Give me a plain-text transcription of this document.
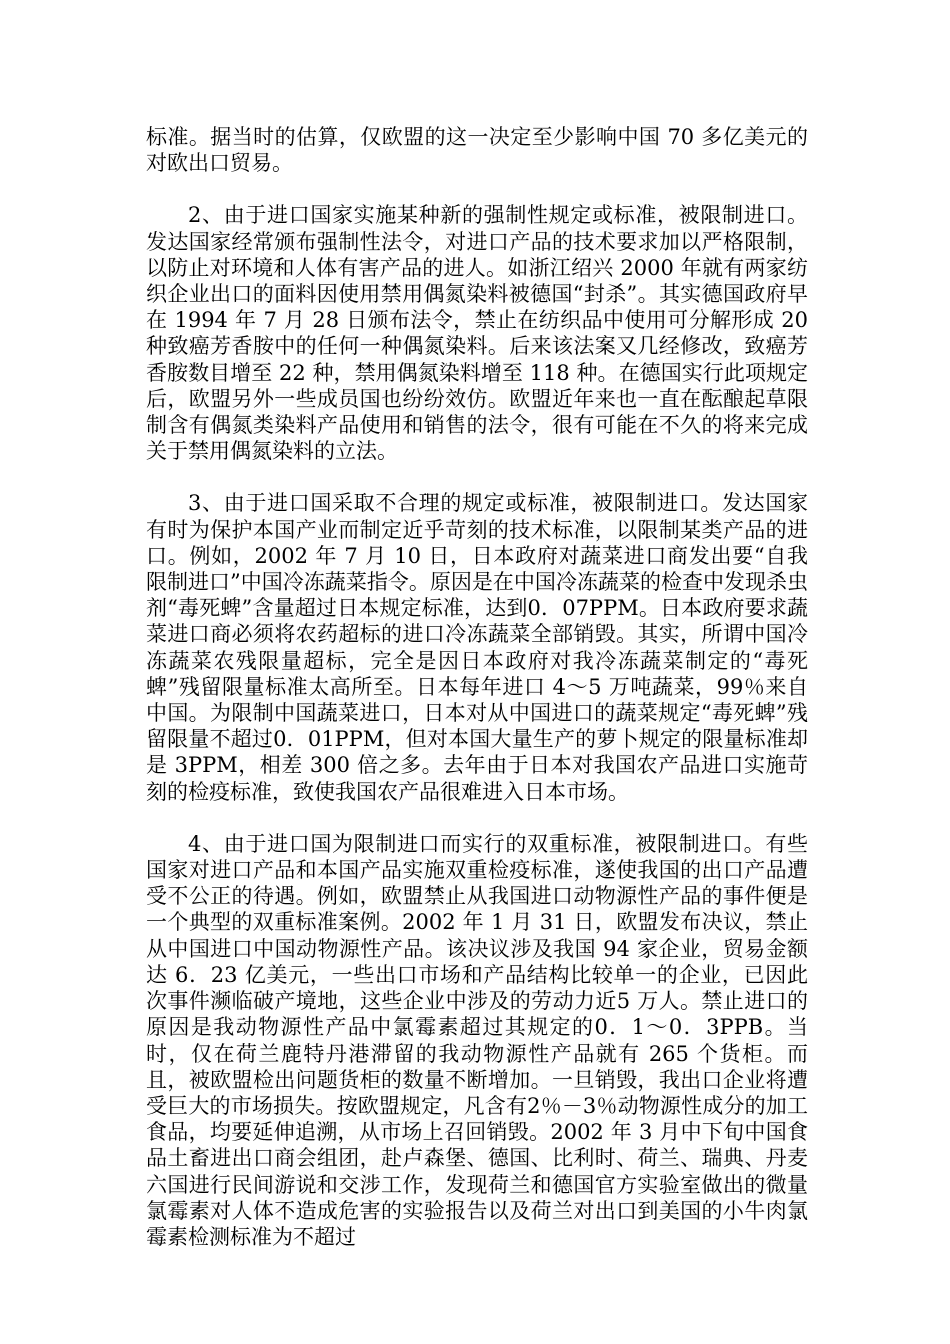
标准。据当时的估算，仅欧盟的这一决定至少影响中国 70 多亿美元的对欧出口贸易。

2、由于进口国家实施某种新的强制性规定或标准，被限制进口。发达国家经常颁布强制性法令，对进口产品的技术要求加以严格限制，以防止对环境和人体有害产品的进人。如浙江绍兴 2000 年就有两家纺织企业出口的面料因使用禁用偶氮染料被德国“封杀”。其实德国政府早在 1994 年 7 月 28 日颁布法令，禁止在纺织品中使用可分解形成 20 种致癌芳香胺中的任何一种偶氮染料。后来该法案又几经修改，致癌芳香胺数目增至 22 种，禁用偶氮染料增至 118 种。在德国实行此项规定后，欧盟另外一些成员国也纷纷效仿。欧盟近年来也一直在酝酿起草限制含有偶氮类染料产品使用和销售的法令，很有可能在不久的将来完成关于禁用偶氮染料的立法。

3、由于进口国采取不合理的规定或标准，被限制进口。发达国家有时为保护本国产业而制定近乎苛刻的技术标准，以限制某类产品的进口。例如，2002 年 7 月 10 日，日本政府对蔬菜进口商发出要“自我限制进口”中国冷冻蔬菜指令。原因是在中国冷冻蔬菜的检查中发现杀虫剂“毒死蜱”含量超过日本规定标准，达到0．07PPM。日本政府要求蔬菜进口商必须将农药超标的进口冷冻蔬菜全部销毁。其实，所谓中国冷冻蔬菜农残限量超标，完全是因日本政府对我冷冻蔬菜制定的“毒死蜱”残留限量标准太高所至。日本每年进口 4～5 万吨蔬菜，99％来自中国。为限制中国蔬菜进口，日本对从中国进口的蔬菜规定“毒死蜱”残留限量不超过0．01PPM，但对本国大量生产的萝卜规定的限量标准却是 3PPM，相差 300 倍之多。去年由于日本对我国农产品进口实施苛刻的检疫标准，致使我国农产品很难进入日本市场。

4、由于进口国为限制进口而实行的双重标准，被限制进口。有些国家对进口产品和本国产品实施双重检疫标准，遂使我国的出口产品遭受不公正的待遇。例如，欧盟禁止从我国进口动物源性产品的事件便是一个典型的双重标准案例。2002 年 1 月 31 日，欧盟发布决议，禁止从中国进口中国动物源性产品。该决议涉及我国 94 家企业，贸易金额达 6．23 亿美元，一些出口市场和产品结构比较单一的企业，已因此次事件濒临破产境地，这些企业中涉及的劳动力近5 万人。禁止进口的原因是我动物源性产品中氯霉素超过其规定的0．1～0．3PPB。当时，仅在荷兰鹿特丹港滞留的我动物源性产品就有 265 个货柜。而且，被欧盟检出问题货柜的数量不断增加。一旦销毁，我出口企业将遭受巨大的市场损失。按欧盟规定，凡含有2％－3％动物源性成分的加工食品，均要延伸追溯，从市场上召回销毁。2002 年 3 月中下旬中国食品土畜进出口商会组团，赴卢森堡、德国、比利时、荷兰、瑞典、丹麦六国进行民间游说和交涉工作，发现荷兰和德国官方实验室做出的微量氯霉素对人体不造成危害的实验报告以及荷兰对出口到美国的小牛肉氯霉素检测标准为不超过
